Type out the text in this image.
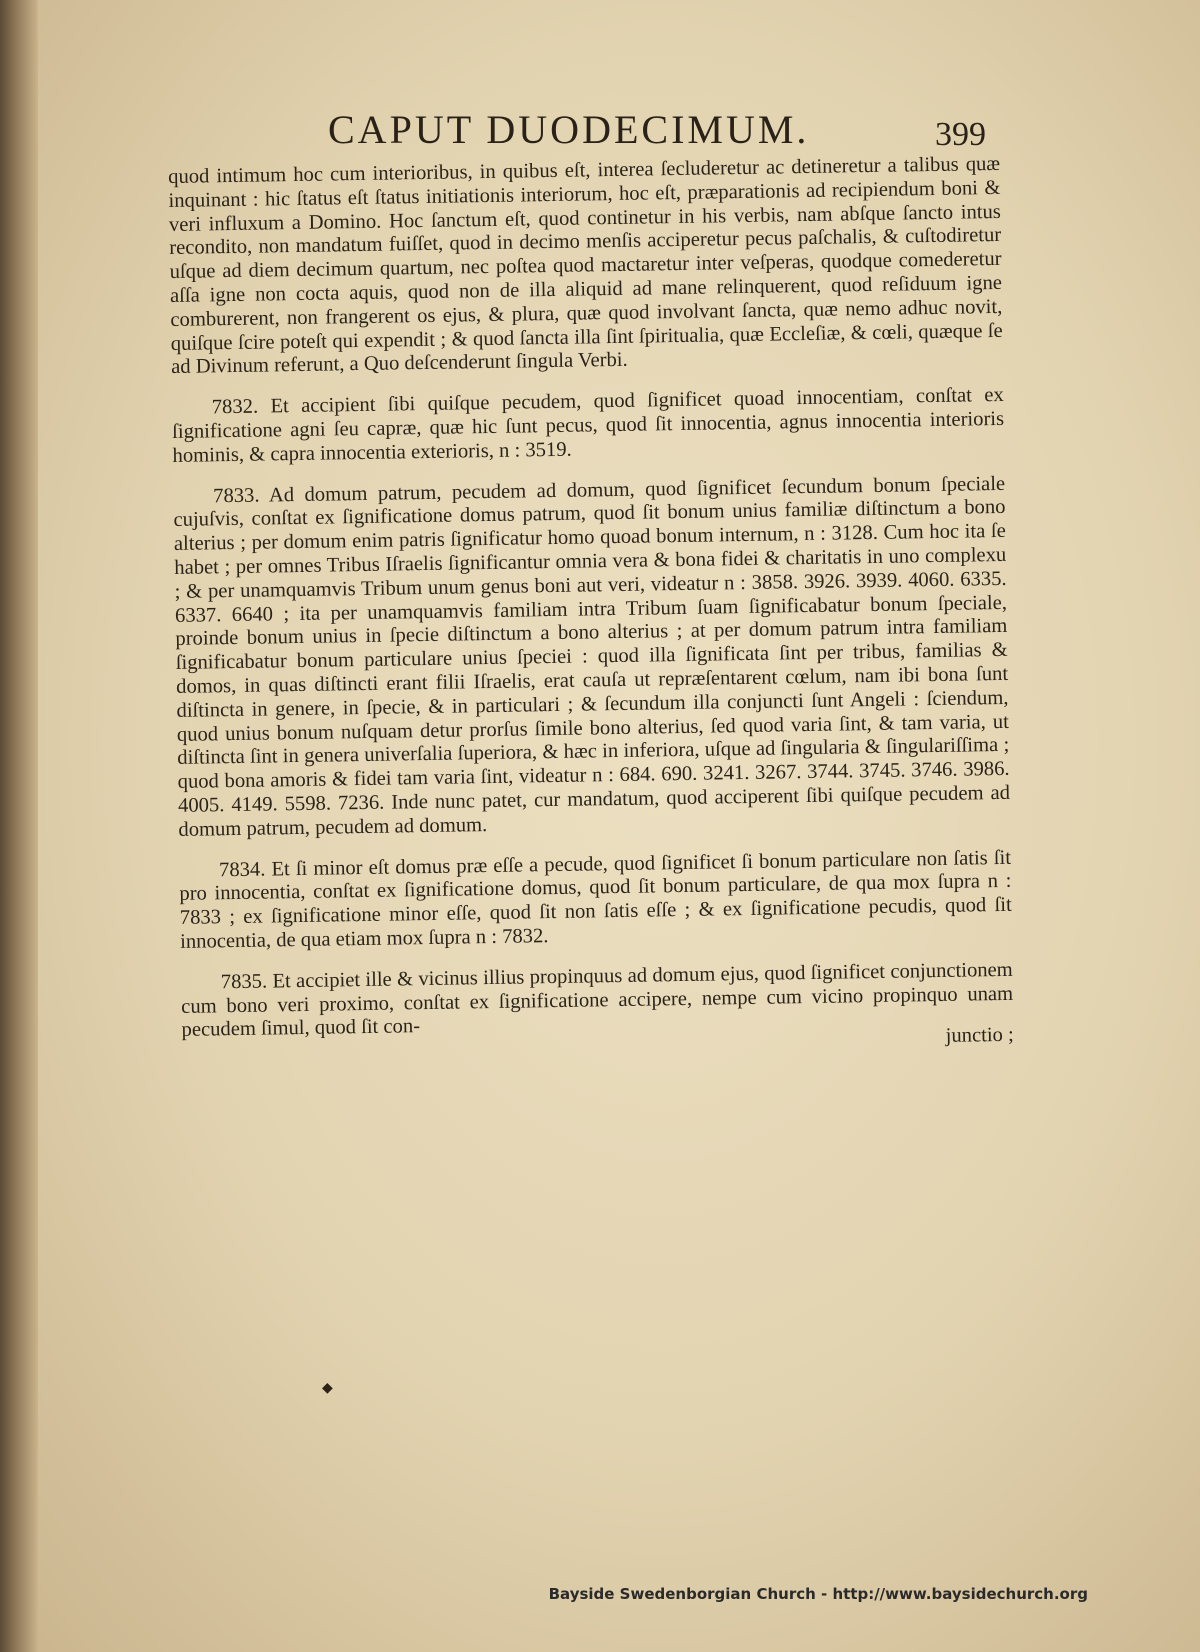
CAPUT DUODECIMUM.	399

quod intimum hoc cum interioribus, in quibus eſt, interea ſecluderetur ac detineretur a talibus quæ inquinant : hic ſtatus eſt ſtatus initiationis interiorum, hoc eſt, præparationis ad recipiendum boni & veri influxum a Domino. Hoc ſanctum eſt, quod continetur in his verbis, nam abſque ſancto intus recondito, non mandatum fuiſſet, quod in decimo menſis acciperetur pecus paſchalis, & cuſtodiretur uſque ad diem decimum quartum, nec poſtea quod mactaretur inter veſperas, quodque comederetur aſſa igne non cocta aquis, quod non de illa aliquid ad mane relinquerent, quod reſiduum igne comburerent, non frangerent os ejus, & plura, quæ quod involvant ſancta, quæ nemo adhuc novit, quiſque ſcire poteſt qui expendit ; & quod ſancta illa ſint ſpiritualia, quæ Eccleſiæ, & cœli, quæque ſe ad Divinum referunt, a Quo deſcenderunt ſingula Verbi.

7832. Et accipient ſibi quiſque pecudem, quod ſignificet quoad innocentiam, conſtat ex ſignificatione agni ſeu capræ, quæ hic ſunt pecus, quod ſit innocentia, agnus innocentia interioris hominis, & capra innocentia exterioris, n : 3519.

7833. Ad domum patrum, pecudem ad domum, quod ſignificet ſecundum bonum ſpeciale cujuſvis, conſtat ex ſignificatione domus patrum, quod ſit bonum unius familiæ diſtinctum a bono alterius ; per domum enim patris ſignificatur homo quoad bonum internum, n : 3128. Cum hoc ita ſe habet ; per omnes Tribus Iſraelis ſignificantur omnia vera & bona fidei & charitatis in uno complexu ; & per unamquamvis Tribum unum genus boni aut veri, videatur n : 3858. 3926. 3939. 4060. 6335. 6337. 6640 ; ita per unamquamvis familiam intra Tribum ſuam ſignificabatur bonum ſpeciale, proinde bonum unius in ſpecie diſtinctum a bono alterius ; at per domum patrum intra familiam ſignificabatur bonum particulare unius ſpeciei : quod illa ſignificata ſint per tribus, familias & domos, in quas diſtincti erant filii Iſraelis, erat cauſa ut repræſentarent cœlum, nam ibi bona ſunt diſtincta in genere, in ſpecie, & in particulari ; & ſecundum illa conjuncti ſunt Angeli : ſciendum, quod unius bonum nuſquam detur prorſus ſimile bono alterius, ſed quod varia ſint, & tam varia, ut diſtincta ſint in genera univerſalia ſuperiora, & hæc in inferiora, uſque ad ſingularia & ſingulariſſima ; quod bona amoris & fidei tam varia ſint, videatur n : 684. 690. 3241. 3267. 3744. 3745. 3746. 3986. 4005. 4149. 5598. 7236. Inde nunc patet, cur mandatum, quod acciperent ſibi quiſque pecudem ad domum patrum, pecudem ad domum.

7834. Et ſi minor eſt domus præ eſſe a pecude, quod ſignificet ſi bonum particulare non ſatis ſit pro innocentia, conſtat ex ſignificatione domus, quod ſit bonum particulare, de qua mox ſupra n : 7833 ; ex ſignificatione minor eſſe, quod ſit non ſatis eſſe ; & ex ſignificatione pecudis, quod ſit innocentia, de qua etiam mox ſupra n : 7832.

7835. Et accipiet ille & vicinus illius propinquus ad domum ejus, quod ſignificet conjunctionem cum bono veri proximo, conſtat ex ſignificatione accipere, nempe cum vicino propinquo unam pecudem ſimul, quod ſit con-	junctio ;
◆
Bayside Swedenborgian Church - http://www.baysidechurch.org
